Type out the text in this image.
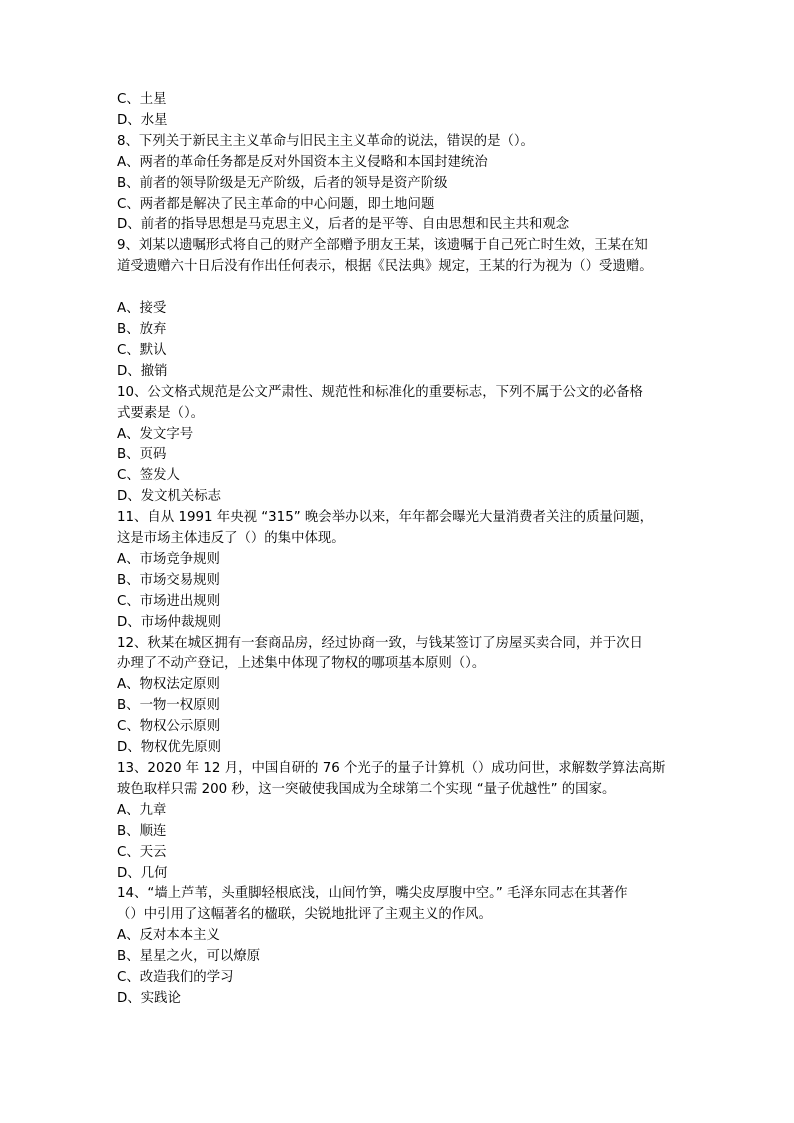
C、土星
D、水星
8、下列关于新民主主义革命与旧民主主义革命的说法，错误的是（）。
A、两者的革命任务都是反对外国资本主义侵略和本国封建统治
B、前者的领导阶级是无产阶级，后者的领导是资产阶级
C、两者都是解决了民主革命的中心问题，即土地问题
D、前者的指导思想是马克思主义，后者的是平等、自由思想和民主共和观念
9、刘某以遗嘱形式将自己的财产全部赠予朋友王某，该遗嘱于自己死亡时生效，王某在知
道受遗赠六十日后没有作出任何表示，根据《民法典》规定，王某的行为视为（）受遗赠。

A、接受
B、放弃
C、默认
D、撤销
10、公文格式规范是公文严肃性、规范性和标准化的重要标志，下列不属于公文的必备格
式要素是（）。
A、发文字号
B、页码
C、签发人
D、发文机关标志
11、自从 1991 年央视 “315” 晚会举办以来，年年都会曝光大量消费者关注的质量问题，
这是市场主体违反了（）的集中体现。
A、市场竞争规则
B、市场交易规则
C、市场进出规则
D、市场仲裁规则
12、秋某在城区拥有一套商品房，经过协商一致，与钱某签订了房屋买卖合同，并于次日
办理了不动产登记，上述集中体现了物权的哪项基本原则（）。
A、物权法定原则
B、一物一权原则
C、物权公示原则
D、物权优先原则
13、2020 年 12 月，中国自研的 76 个光子的量子计算机（）成功问世，求解数学算法高斯
玻色取样只需 200 秒，这一突破使我国成为全球第二个实现 “量子优越性” 的国家。
A、九章
B、顺连
C、天云
D、几何
14、“墙上芦苇，头重脚轻根底浅，山间竹笋，嘴尖皮厚腹中空。” 毛泽东同志在其著作
（）中引用了这幅著名的楹联，尖锐地批评了主观主义的作风。
A、反对本本主义
B、星星之火，可以燎原
C、改造我们的学习
D、实践论
